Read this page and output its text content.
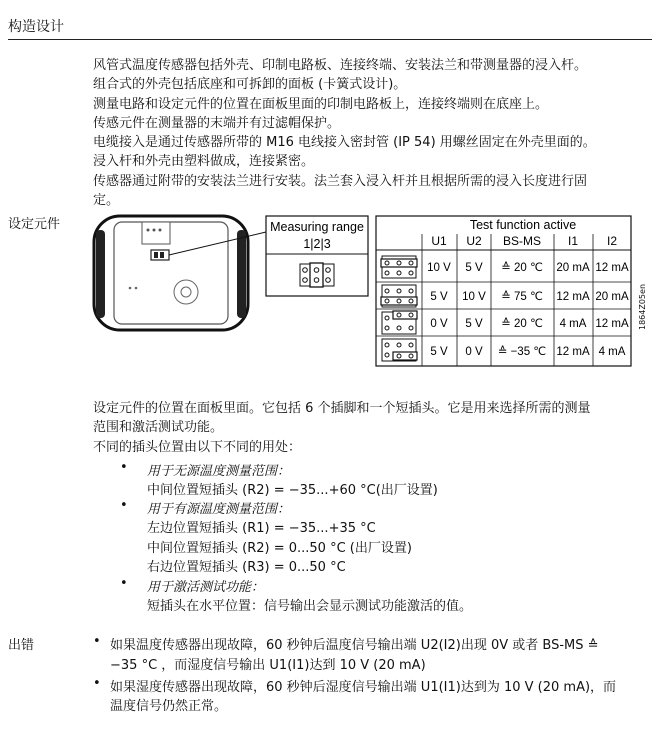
构造设计
风管式温度传感器包括外壳、印制电路板、连接终端、安装法兰和带测量器的浸入杆。
组合式的外壳包括底座和可拆卸的面板 (卡簧式设计)。
测量电路和设定元件的位置在面板里面的印制电路板上，连接终端则在底座上。
传感元件在测量器的末端并有过滤帽保护。
电缆接入是通过传感器所带的 M16 电线接入密封管 (IP 54) 用螺丝固定在外壳里面的。
浸入杆和外壳由塑料做成，连接紧密。
传感器通过附带的安装法兰进行安装。法兰套入浸入杆并且根据所需的浸入长度进行固
定。
设定元件	Measuring range
1|2|3
Test function active
U1 U2 BS-MS I1 I2
10 V 5 V ≙ 20 ℃ 20 mA 12 mA
5 V 10 V ≙ 75 ℃ 12 mA 20 mA
0 V 5 V ≙ 20 ℃ 4 mA 12 mA
5 V 0 V ≙ −35 ℃ 12 mA 4 mA
1864Z05en
设定元件的位置在面板里面。它包括 6 个插脚和一个短插头。它是用来选择所需的测量
范围和激活测试功能。
不同的插头位置由以下不同的用处：
• 用于无源温度测量范围：
中间位置短插头 (R2) = −35...+60 °C(出厂设置)
• 用于有源温度测量范围：
左边位置短插头 (R1) = −35...+35 °C
中间位置短插头 (R2) = 0...50 °C (出厂设置)
右边位置短插头 (R3) = 0...50 °C
• 用于激活测试功能：
短插头在水平位置：信号输出会显示测试功能激活的值。
出错	• 如果温度传感器出现故障，60 秒钟后温度信号输出端 U2(I2)出现 0V 或者 BS-MS ≙
−35 °C ，而湿度信号输出 U1(I1)达到 10 V (20 mA)
• 如果湿度传感器出现故障，60 秒钟后湿度信号输出端 U1(I1)达到为 10 V (20 mA)，而
温度信号仍然正常。
